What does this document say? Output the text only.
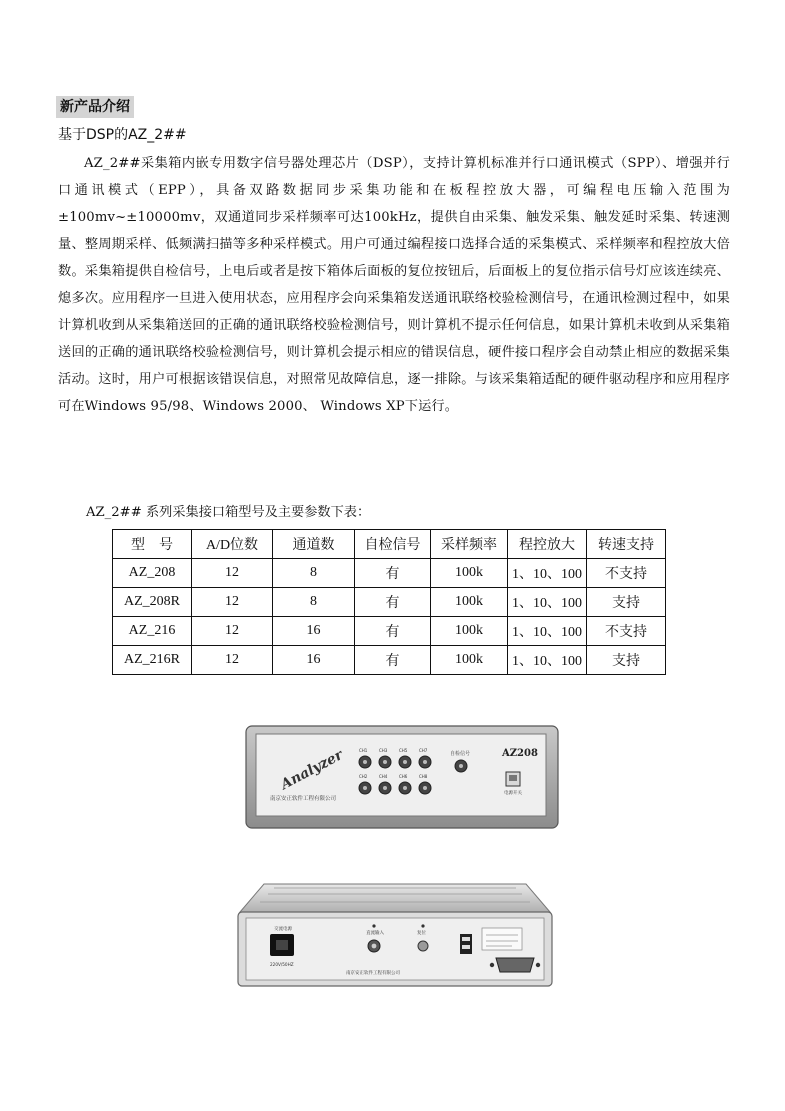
新产品介绍
基于DSP的AZ_2##

AZ_2##采集箱内嵌专用数字信号器处理芯片（DSP），支持计算机标准并行口通讯模式（SPP）、增强并行口通讯模式（EPP），具备双路数据同步采集功能和在板程控放大器，可编程电压输入范围为±100mv~±10000mv，双通道同步采样频率可达100kHz，提供自由采集、触发采集、触发延时采集、转速测量、整周期采样、低频满扫描等多种采样模式。用户可通过编程接口选择合适的采集模式、采样频率和程控放大倍数。采集箱提供自检信号，上电后或者是按下箱体后面板的复位按钮后，后面板上的复位指示信号灯应该连续亮、熄多次。应用程序一旦进入使用状态，应用程序会向采集箱发送通讯联络校验检测信号，在通讯检测过程中，如果计算机收到从采集箱送回的正确的通讯联络校验检测信号，则计算机不提示任何信息，如果计算机未收到从采集箱送回的正确的通讯联络校验检测信号，则计算机会提示相应的错误信息，硬件接口程序会自动禁止相应的数据采集活动。这时，用户可根据该错误信息，对照常见故障信息，逐一排除。与该采集箱适配的硬件驱动程序和应用程序可在Windows 95/98、Windows 2000、 Windows XP下运行。

AZ_2## 系列采集接口箱型号及主要参数下表：
型　号	A/D位数	通道数	自检信号	采样频率	程控放大	转速支持
AZ_208	12	8	有	100k	1、10、100	不支持
AZ_208R	12	8	有	100k	1、10、100	支持
AZ_216	12	16	有	100k	1、10、100	不支持
AZ_216R	12	16	有	100k	1、10、100	支持
Analyzer
南京安正软件工程有限公司
CH1	CH3	CH5	CH7
CH2	CH4	CH6	CH8
自检信号	AZ208
电源开关
交流电源
220V/50HZ
直流输入	复位
南京安正软件工程有限公司
